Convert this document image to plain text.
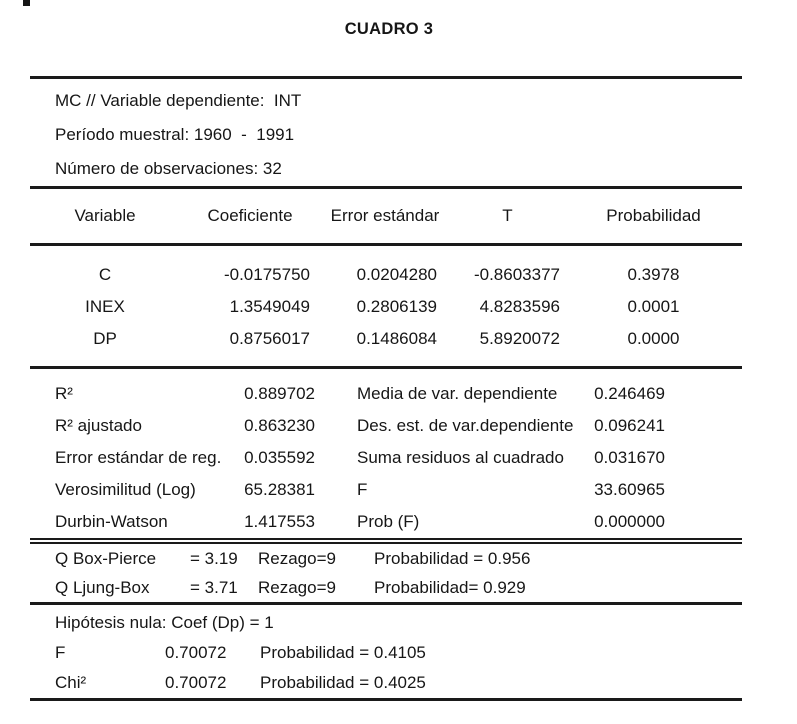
CUADRO 3
MC // Variable dependiente:  INT
Período muestral: 1960  -  1991
Número de observaciones: 32
Variable	Coeficiente	Error estándar	T	Probabilidad
C	-0.0175750	0.0204280	-0.8603377	0.3978
INEX	1.3549049	0.2806139	4.8283596	0.0001
DP	0.8756017	0.1486084	5.8920072	0.0000
R²	0.889702	Media de var. dependiente	0.246469
R² ajustado	0.863230	Des. est. de var.dependiente	0.096241
Error estándar de reg.	0.035592	Suma residuos al cuadrado	0.031670
Verosimilitud (Log)	65.28381	F	33.60965
Durbin-Watson	1.417553	Prob (F)	0.000000
Q Box-Pierce	= 3.19	Rezago=9	Probabilidad = 0.956
Q Ljung-Box	= 3.71	Rezago=9	Probabilidad= 0.929
Hipótesis nula: Coef (Dp) = 1
F	0.70072	Probabilidad = 0.4105
Chi²	0.70072	Probabilidad = 0.4025
